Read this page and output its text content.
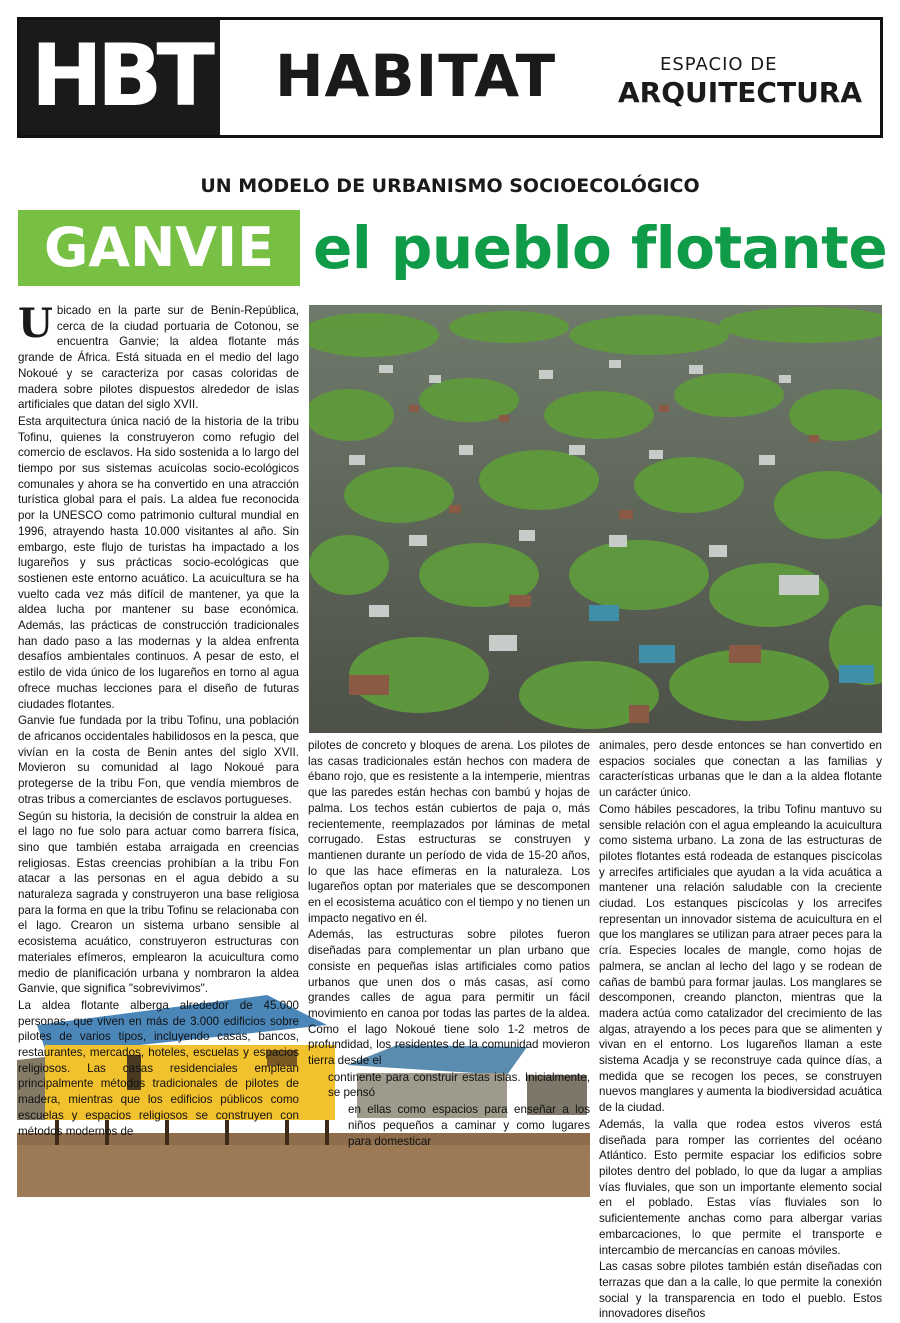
HBT HABITAT	ESPACIO DE
ARQUITECTURA
UN MODELO DE URBANISMO SOCIOECOLÓGICO
GANVIE el pueblo flotante

Ubicado en la parte sur de Benin-República, cerca de la ciudad portuaria de Cotonou, se encuentra Ganvie; la aldea flotante más grande de África. Está situada en el medio del lago Nokoué y se caracteriza por casas coloridas de madera sobre pilotes dispuestos alrededor de islas artificiales que datan del siglo XVII.

Esta arquitectura única nació de la historia de la tribu Tofinu, quienes la construyeron como refugio del comercio de esclavos. Ha sido sostenida a lo largo del tiempo por sus sistemas acuícolas socio-ecológicos comunales y ahora se ha convertido en una atracción turística global para el país. La aldea fue reconocida por la UNESCO como patrimonio cultural mundial en 1996, atrayendo hasta 10.000 visitantes al año. Sin embargo, este flujo de turistas ha impactado a los lugareños y sus prácticas socio-ecológicas que sostienen este entorno acuático. La acuicultura se ha vuelto cada vez más difícil de mantener, ya que la aldea lucha por mantener su base económica. Además, las prácticas de construcción tradicionales han dado paso a las modernas y la aldea enfrenta desafíos ambientales continuos. A pesar de esto, el estilo de vida único de los lugareños en torno al agua ofrece muchas lecciones para el diseño de futuras ciudades flotantes.

Ganvie fue fundada por la tribu Tofinu, una población de africanos occidentales habilidosos en la pesca, que vivían en la costa de Benin antes del siglo XVII. Movieron su comunidad al lago Nokoué para protegerse de la tribu Fon, que vendía miembros de otras tribus a comerciantes de esclavos portugueses.

Según su historia, la decisión de construir la aldea en el lago no fue solo para actuar como barrera física, sino que también estaba arraigada en creencias religiosas. Estas creencias prohibían a la tribu Fon atacar a las personas en el agua debido a su naturaleza sagrada y construyeron una base religiosa para la forma en que la tribu Tofinu se relacionaba con el lago. Crearon un sistema urbano sensible al ecosistema acuático, construyeron estructuras con materiales efímeros, emplearon la acuicultura como medio de planificación urbana y nombraron la aldea Ganvie, que significa "sobrevivimos".

La aldea flotante alberga alrededor de 45.000 personas, que viven en más de 3.000 edificios sobre pilotes de varios tipos, incluyendo casas, bancos, restaurantes, mercados, hoteles, escuelas y espacios religiosos. Las casas residenciales emplean principalmente métodos tradicionales de pilotes de madera, mientras que los edificios públicos como escuelas y espacios religiosos se construyen con métodos modernos de

pilotes de concreto y bloques de arena. Los pilotes de las casas tradicionales están hechos con madera de ébano rojo, que es resistente a la intemperie, mientras que las paredes están hechas con bambú y hojas de palma. Los techos están cubiertos de paja o, más recientemente, reemplazados por láminas de metal corrugado. Estas estructuras se construyen y mantienen durante un período de vida de 15-20 años, lo que las hace efímeras en la naturaleza. Los lugareños optan por materiales que se descomponen en el ecosistema acuático con el tiempo y no tienen un impacto negativo en él.

Además, las estructuras sobre pilotes fueron diseñadas para complementar un plan urbano que consiste en pequeñas islas artificiales como patios urbanos que unen dos o más casas, así como grandes calles de agua para permitir un fácil movimiento en canoa por todas las partes de la aldea. Como el lago Nokoué tiene solo 1-2 metros de profundidad, los residentes de la comunidad movieron tierra desde el

continente para construir estas islas. Inicialmente, se pensó

en ellas como espacios para enseñar a los niños pequeños a caminar y como lugares para domesticar

animales, pero desde entonces se han convertido en espacios sociales que conectan a las familias y características urbanas que le dan a la aldea flotante un carácter único.

Como hábiles pescadores, la tribu Tofinu mantuvo su sensible relación con el agua empleando la acuicultura como sistema urbano. La zona de las estructuras de pilotes flotantes está rodeada de estanques piscícolas y arrecifes artificiales que ayudan a la vida acuática a mantener una relación saludable con la creciente ciudad. Los estanques piscícolas y los arrecifes representan un innovador sistema de acuicultura en el que los manglares se utilizan para atraer peces para la cría. Especies locales de mangle, como hojas de palmera, se anclan al lecho del lago y se rodean de cañas de bambú para formar jaulas. Los manglares se descomponen, creando plancton, mientras que la madera actúa como catalizador del crecimiento de las algas, atrayendo a los peces para que se alimenten y vivan en el entorno. Los lugareños llaman a este sistema Acadja y se reconstruye cada quince días, a medida que se recogen los peces, se construyen nuevos manglares y aumenta la biodiversidad acuática de la ciudad.

Además, la valla que rodea estos viveros está diseñada para romper las corrientes del océano Atlántico. Esto permite espaciar los edificios sobre pilotes dentro del poblado, lo que da lugar a amplias vías fluviales, que son un importante elemento social en el poblado. Estas vías fluviales son lo suficientemente anchas como para albergar varias embarcaciones, lo que permite el transporte e intercambio de mercancías en canoas móviles.

Las casas sobre pilotes también están diseñadas con terrazas que dan a la calle, lo que permite la conexión social y la transparencia en todo el pueblo. Estos innovadores diseños
